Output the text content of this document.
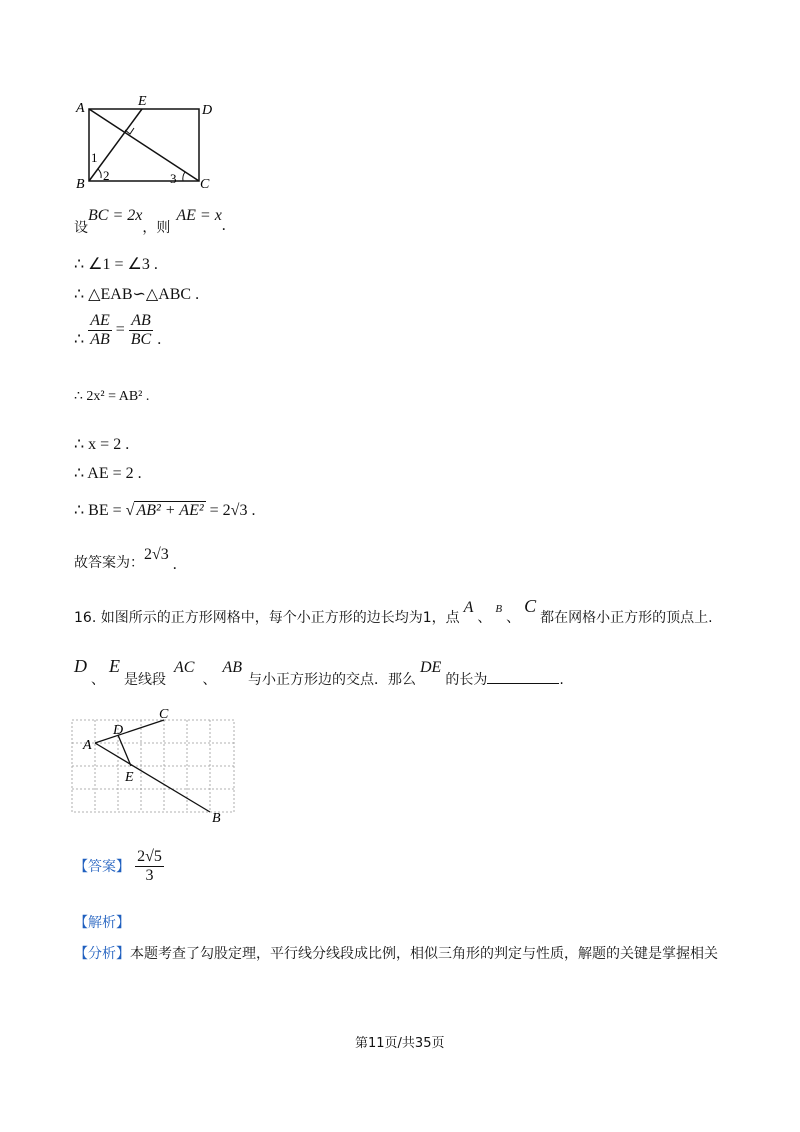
A	E
D
B	C
1
2	3
设BC = 2x，则AE = x.
∴ ∠1 = ∠3 .
∴ △EAB∽△ABC .
∴ $\frac{AE}{AB} = \frac{AB}{BC}$ .
∴ 2x² = AB² .
∴ x = 2 .
∴ AE = 2 .
∴ BE = √ AB² + AE² = 2√3 .
故答案为：2√3.
16. 如图所示的正方形网格中，每个小正方形的边长均为1，点A、B、C都在网格小正方形的顶点上.
D、E是线段AC、AB与小正方形边的交点．那么DE的长为	.
C
D
A
E
B
【答案】 $\frac{2√5}{3}$
【解析】
【分析】本题考查了勾股定理，平行线分线段成比例，相似三角形的判定与性质，解题的关键是掌握相关
第11页/共35页
